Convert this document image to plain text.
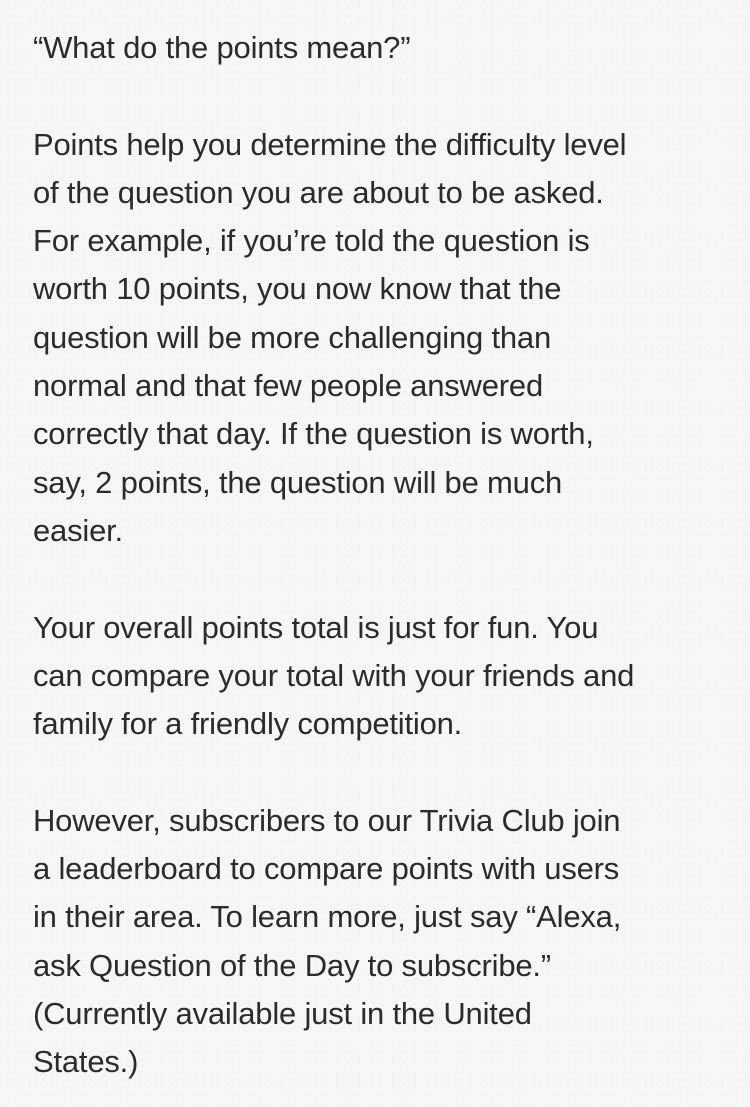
“What do the points mean?”

Points help you determine the difficulty level
of the question you are about to be asked.
For example, if you’re told the question is
worth 10 points, you now know that the
question will be more challenging than
normal and that few people answered
correctly that day. If the question is worth,
say, 2 points, the question will be much
easier.

Your overall points total is just for fun. You
can compare your total with your friends and
family for a friendly competition.

However, subscribers to our Trivia Club join
a leaderboard to compare points with users
in their area. To learn more, just say “Alexa,
ask Question of the Day to subscribe.”
(Currently available just in the United
States.)
